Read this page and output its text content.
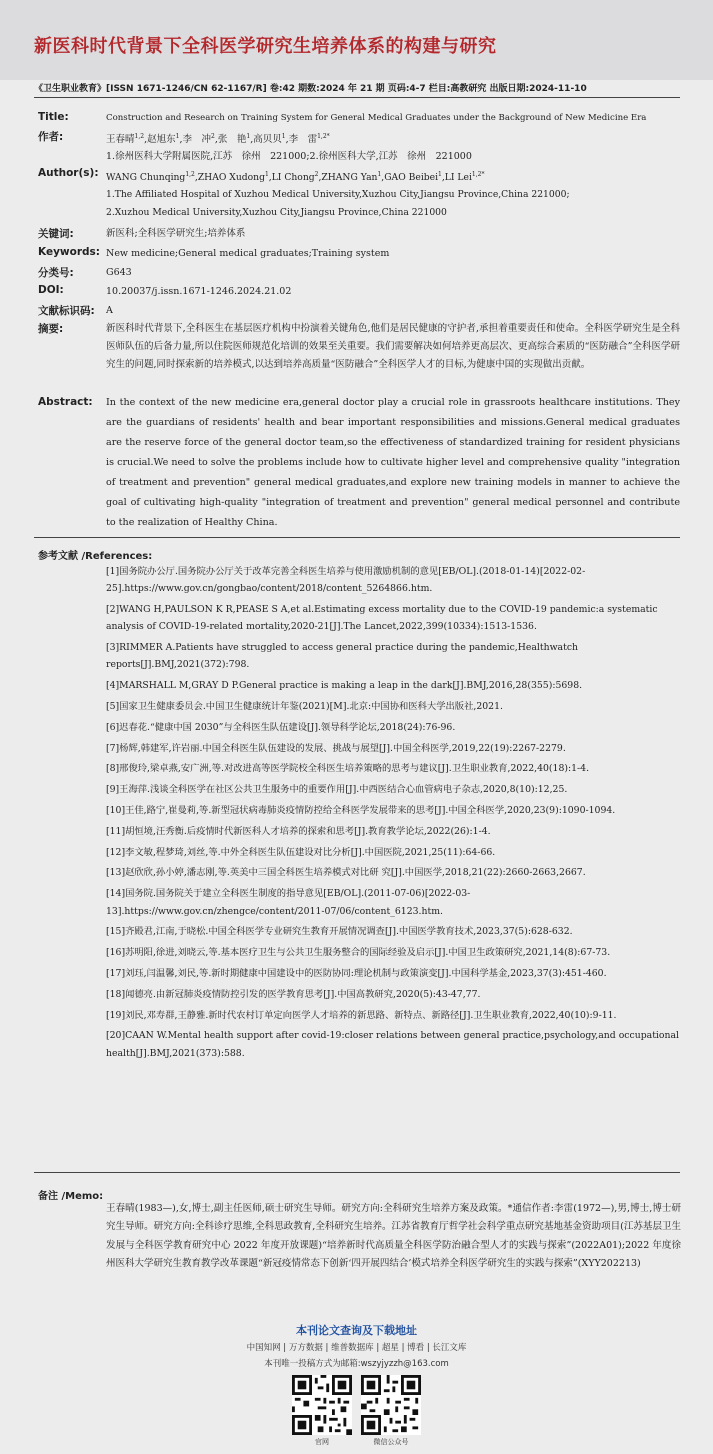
新医科时代背景下全科医学研究生培养体系的构建与研究
《卫生职业教育》[ISSN 1671-1246/CN 62-1167/R] 卷:42 期数:2024 年 21 期 页码:4-7 栏目:高教研究 出版日期:2024-11-10
Title:	Construction and Research on Training System for General Medical Graduates under the Background of New Medicine Era
作者:	王春晴$^{1,2}$,赵旭东$^1$,李　冲$^2$,张　艳$^1$,高贝贝$^1$,李　雷$^{1,2*}$
1.徐州医科大学附属医院,江苏　徐州　221000;2.徐州医科大学,江苏　徐州　221000
Author(s): WANG Chunqing$^{1,2}$,ZHAO Xudong$^1$,LI Chong$^2$,ZHANG Yan$^1$,GAO Beibei$^1$,LI Lei$^{1,2*}$
1.The Affiliated Hospital of Xuzhou Medical University,Xuzhou City,Jiangsu Province,China 221000;
2.Xuzhou Medical University,Xuzhou City,Jiangsu Province,China 221000
关键词:	新医科;全科医学研究生;培养体系
Keywords: New medicine;General medical graduates;Training system
分类号:	G643
DOI:	10.20037/j.issn.1671-1246.2024.21.02
文献标识码: A
摘要:	新医科时代背景下,全科医生在基层医疗机构中扮演着关键角色,他们是居民健康的守护者,承担着重要责任和使命。全科医学研究生是全科医师队伍的后备力量,所以住院医师规范化培训的效果至关重要。我们需要解决如何培养更高层次、更高综合素质的“医防融合”全科医学研究生的问题,同时探索新的培养模式,以达到培养高质量“医防融合”全科医学人才的目标,为健康中国的实现做出贡献。
Abstract: In the context of the new medicine era,general doctor play a crucial role in grassroots healthcare institutions. They are the guardians of residents' health and bear important responsibilities and missions.General medical graduates are the reserve force of the general doctor team,so the effectiveness of standardized training for resident physicians is crucial.We need to solve the problems include how to cultivate higher level and comprehensive quality "integration of treatment and prevention" general medical graduates,and explore new training models in manner to achieve the goal of cultivating high-quality "integration of treatment and prevention" general medical personnel and contribute to the realization of Healthy China.
参考文献 /References:
[1]国务院办公厅.国务院办公厅关于改革完善全科医生培养与使用激励机制的意见[EB/OL].(2018-01-14)[2022-02-25].https://www.gov.cn/gongbao/content/2018/content_5264866.htm.
[2]WANG H,PAULSON K R,PEASE S A,et al.Estimating excess mortality due to the COVID-19 pandemic:a systematic analysis of COVID-19-related mortality,2020-21[J].The Lancet,2022,399(10334):1513-1536.
[3]RIMMER A.Patients have struggled to access general practice during the pandemic,Healthwatch reports[J].BMJ,2021(372):798.
[4]MARSHALL M,GRAY D P.General practice is making a leap in the dark[J].BMJ,2016,28(355):5698.
[5]国家卫生健康委员会.中国卫生健康统计年鉴(2021)[M].北京:中国协和医科大学出版社,2021.
[6]迟春花.“健康中国 2030”与全科医生队伍建设[J].领导科学论坛,2018(24):76-96.
[7]杨辉,韩建军,许岩丽.中国全科医生队伍建设的发展、挑战与展望[J].中国全科医学,2019,22(19):2267-2279.
[8]邢俊玲,梁卓燕,安广洲,等.对改进高等医学院校全科医生培养策略的思考与建议[J].卫生职业教育,2022,40(18):1-4.
[9]王海萍.浅谈全科医学在社区公共卫生服务中的重要作用[J].中西医结合心血管病电子杂志,2020,8(10):12,25.
[10]王佳,路宁,崔曼莉,等.新型冠状病毒肺炎疫情防控给全科医学发展带来的思考[J].中国全科医学,2020,23(9):1090-1094.
[11]胡恒境,汪秀衡.后疫情时代新医科人才培养的探索和思考[J].教育教学论坛,2022(26):1-4.
[12]李文敏,程梦琦,刘丝,等.中外全科医生队伍建设对比分析[J].中国医院,2021,25(11):64-66.
[13]赵欣欣,孙小婷,潘志刚,等.英美中三国全科医生培养模式对比研 究[J].中国医学,2018,21(22):2660-2663,2667.
[14]国务院.国务院关于建立全科医生制度的指导意见[EB/OL].(2011-07-06)[2022-03-13].https://www.gov.cn/zhengce/content/2011-07/06/content_6123.htm.
[15]齐殿君,江南,于晓松.中国全科医学专业研究生教育开展情况调查[J].中国医学教育技术,2023,37(5):628-632.
[16]苏明阳,徐进,刘晓云,等.基本医疗卫生与公共卫生服务整合的国际经验及启示[J].中国卫生政策研究,2021,14(8):67-73.
[17]刘珏,闫温馨,刘民,等.新时期健康中国建设中的医防协同:理论机制与政策演变[J].中国科学基金,2023,37(3):451-460.
[18]闻德亮.由新冠肺炎疫情防控引发的医学教育思考[J].中国高教研究,2020(5):43-47,77.
[19]刘民,邓寿群,王静雅.新时代农村订单定向医学人才培养的新思路、新特点、新路径[J].卫生职业教育,2022,40(10):9-11.
[20]CAAN W.Mental health support after covid-19:closer relations between general practice,psychology,and occupational health[J].BMJ,2021(373):588.
备注 /Memo:
王春晴(1983—),女,博士,副主任医师,硕士研究生导师。研究方向:全科研究生培养方案及政策。*通信作者:李雷(1972—),男,博士,博士研究生导师。研究方向:全科诊疗思维,全科思政教育,全科研究生培养。江苏省教育厅哲学社会科学重点研究基地基金资助项目(江苏基层卫生发展与全科医学教育研究中心 2022 年度开放课题)“培养新时代高质量全科医学防治融合型人才的实践与探索”(2022A01);2022 年度徐州医科大学研究生教育教学改革课题“新冠疫情常态下创新‘四开展四结合’模式培养全科医学研究生的实践与探索”(XYY202213)
本刊论文查询及下载地址
中国知网 | 万方数据 | 维普数据库 | 超星 | 博看 | 长江文库
本刊唯一投稿方式为邮箱:wszyjyzzh@163.com
官网	微信公众号
